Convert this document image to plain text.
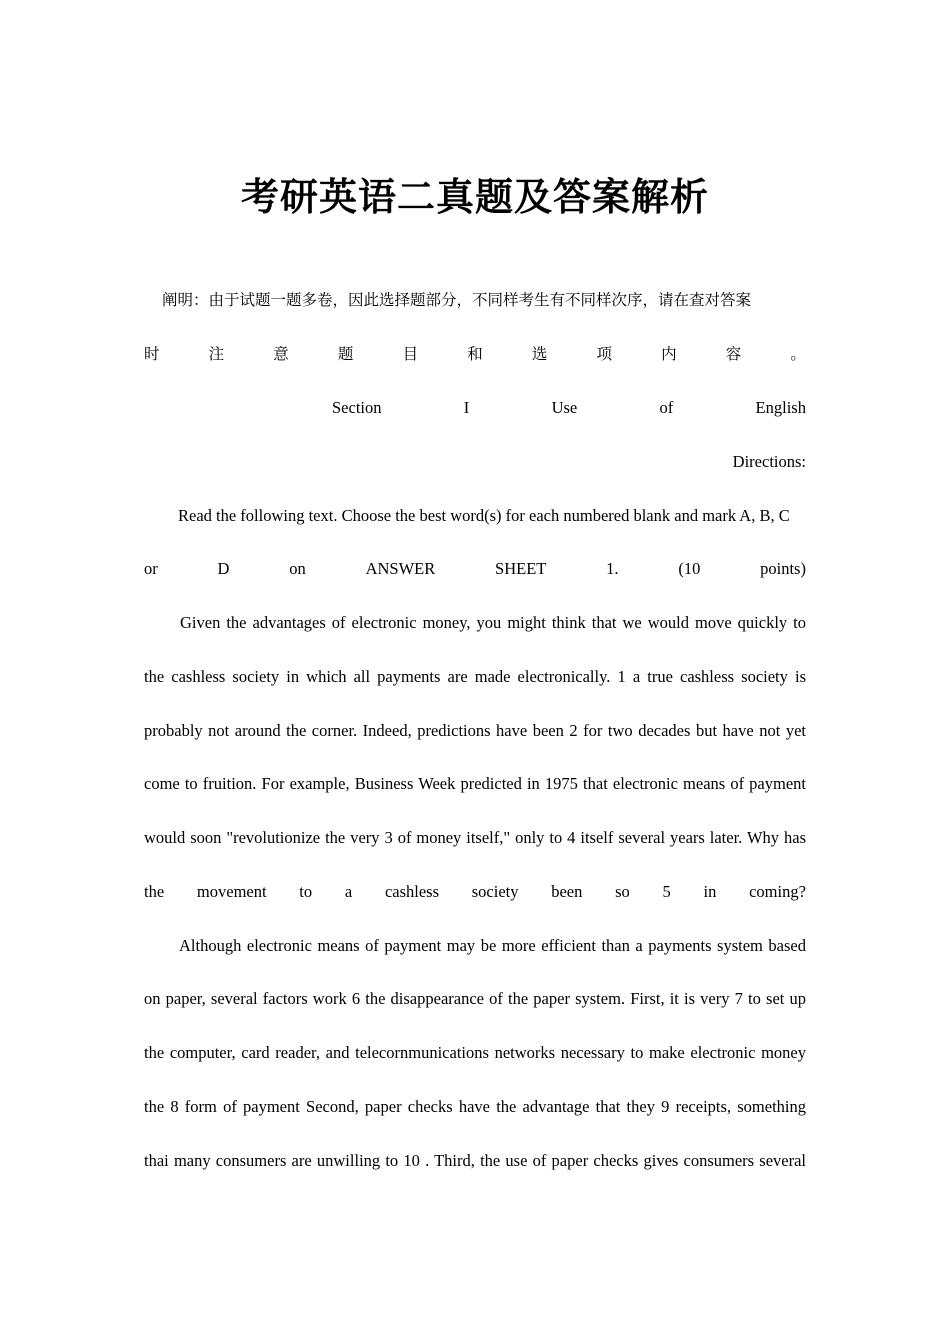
考研英语二真题及答案解析
阐明：由于试题一题多卷，因此选择题部分，不同样考生有不同样次序，请在查对答案
时	注	意	题	目	和	选	项	内	容	。
Section	I	Use	of	English
Directions:
Read the following text. Choose the best word(s) for each numbered blank and mark A, B, C
or	D	on	ANSWER	SHEET	1.	(10	points)
Given the advantages of electronic money, you might think that we would move quickly to
the cashless society in which all payments are made electronically. 1 a true cashless society is
probably not around the corner. Indeed, predictions have been 2 for two decades but have not yet
come to fruition. For example, Business Week predicted in 1975 that electronic means of payment
would soon "revolutionize the very 3 of money itself," only to 4 itself several years later. Why has
the movement to a cashless society been so 5 in coming?
Although electronic means of payment may be more efficient than a payments system based
on paper, several factors work 6 the disappearance of the paper system. First, it is very 7 to set up
the computer, card reader, and telecornmunications networks necessary to make electronic money
the 8 form of payment Second, paper checks have the advantage that they 9 receipts, something
thai many consumers are unwilling to 10 . Third, the use of paper checks gives consumers several
